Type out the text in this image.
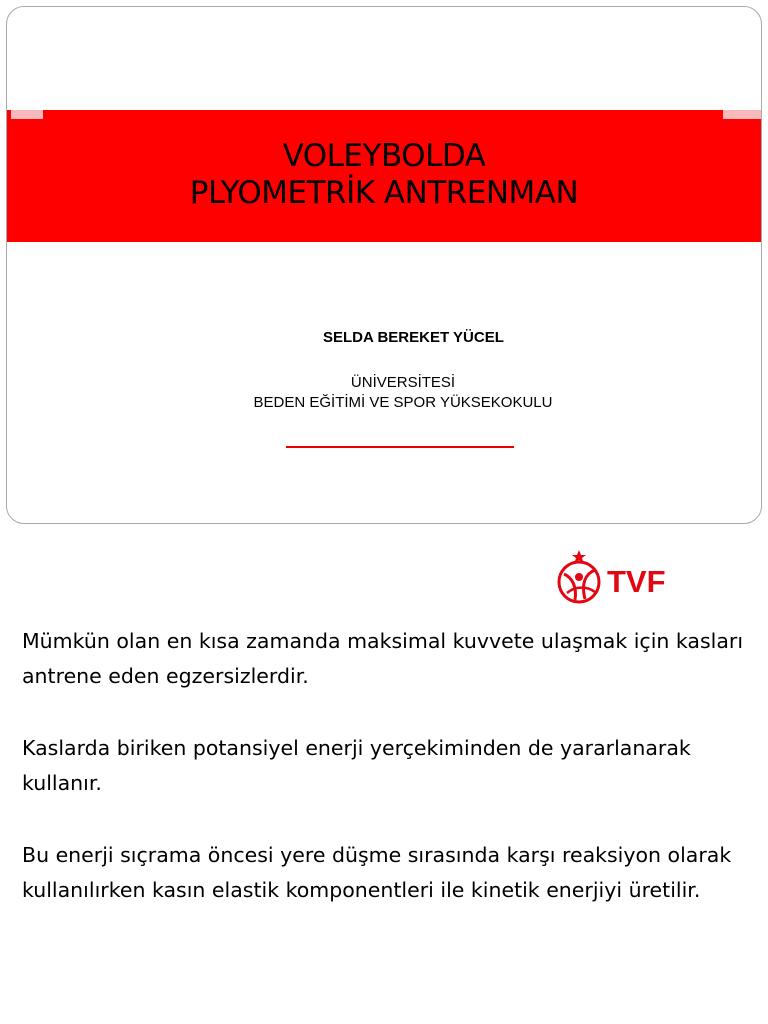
VOLEYBOLDA
PLYOMETRİK ANTRENMAN
SELDA BEREKET YÜCEL
ÜNİVERSİTESİ
BEDEN EĞİTİMİ VE SPOR YÜKSEKOKULU
TVF

Mümkün olan en kısa zamanda maksimal kuvvete ulaşmak için kasları antrene eden egzersizlerdir.

Kaslarda biriken potansiyel enerji yerçekiminden de yararlanarak kullanır.

Bu enerji sıçrama öncesi yere düşme sırasında karşı reaksiyon olarak kullanılırken kasın elastik komponentleri ile kinetik enerjiyi üretilir.
